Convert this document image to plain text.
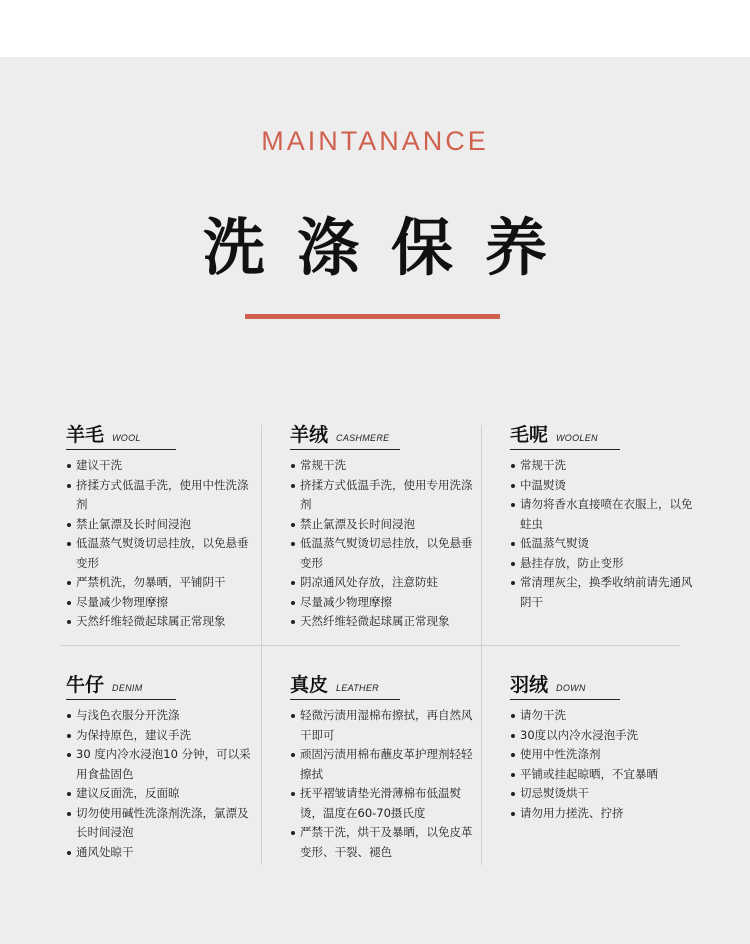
MAINTANANCE
洗涤保养
羊毛 WOOL
建议干洗
挤揉方式低温手洗，使用中性洗涤剂
禁止氯漂及长时间浸泡
低温蒸气熨烫切忌挂放，以免悬垂变形
严禁机洗，勿暴晒，平铺阴干
尽量减少物理摩擦
天然纤维轻微起球属正常现象
羊绒 CASHMERE
常规干洗
挤揉方式低温手洗，使用专用洗涤剂
禁止氯漂及长时间浸泡
低温蒸气熨烫切忌挂放，以免悬垂变形
阴凉通风处存放，注意防蛀
尽量减少物理摩擦
天然纤维轻微起球属正常现象
毛呢 WOOLEN
常规干洗
中温熨烫
请勿将香水直接喷在衣服上，以免蛀虫
低温蒸气熨烫
悬挂存放，防止变形
常清理灰尘，换季收纳前请先通风阴干
牛仔 DENIM
与浅色衣服分开洗涤
为保持原色，建议手洗
30 度内冷水浸泡10 分钟，可以采用食盐固色
建议反面洗，反面晾
切勿使用碱性洗涤剂洗涤，氯漂及长时间浸泡
通风处晾干
真皮 LEATHER
轻微污渍用湿棉布擦拭，再自然风干即可
顽固污渍用棉布蘸皮革护理剂轻轻擦拭
抚平褶皱请垫光滑薄棉布低温熨烫，温度在60-70摄氏度
严禁干洗，烘干及暴晒，以免皮革变形、干裂、褪色
羽绒 DOWN
请勿干洗
30度以内冷水浸泡手洗
使用中性洗涤剂
平铺或挂起晾晒，不宜暴晒
切忌熨烫烘干
请勿用力搓洗、拧挤
